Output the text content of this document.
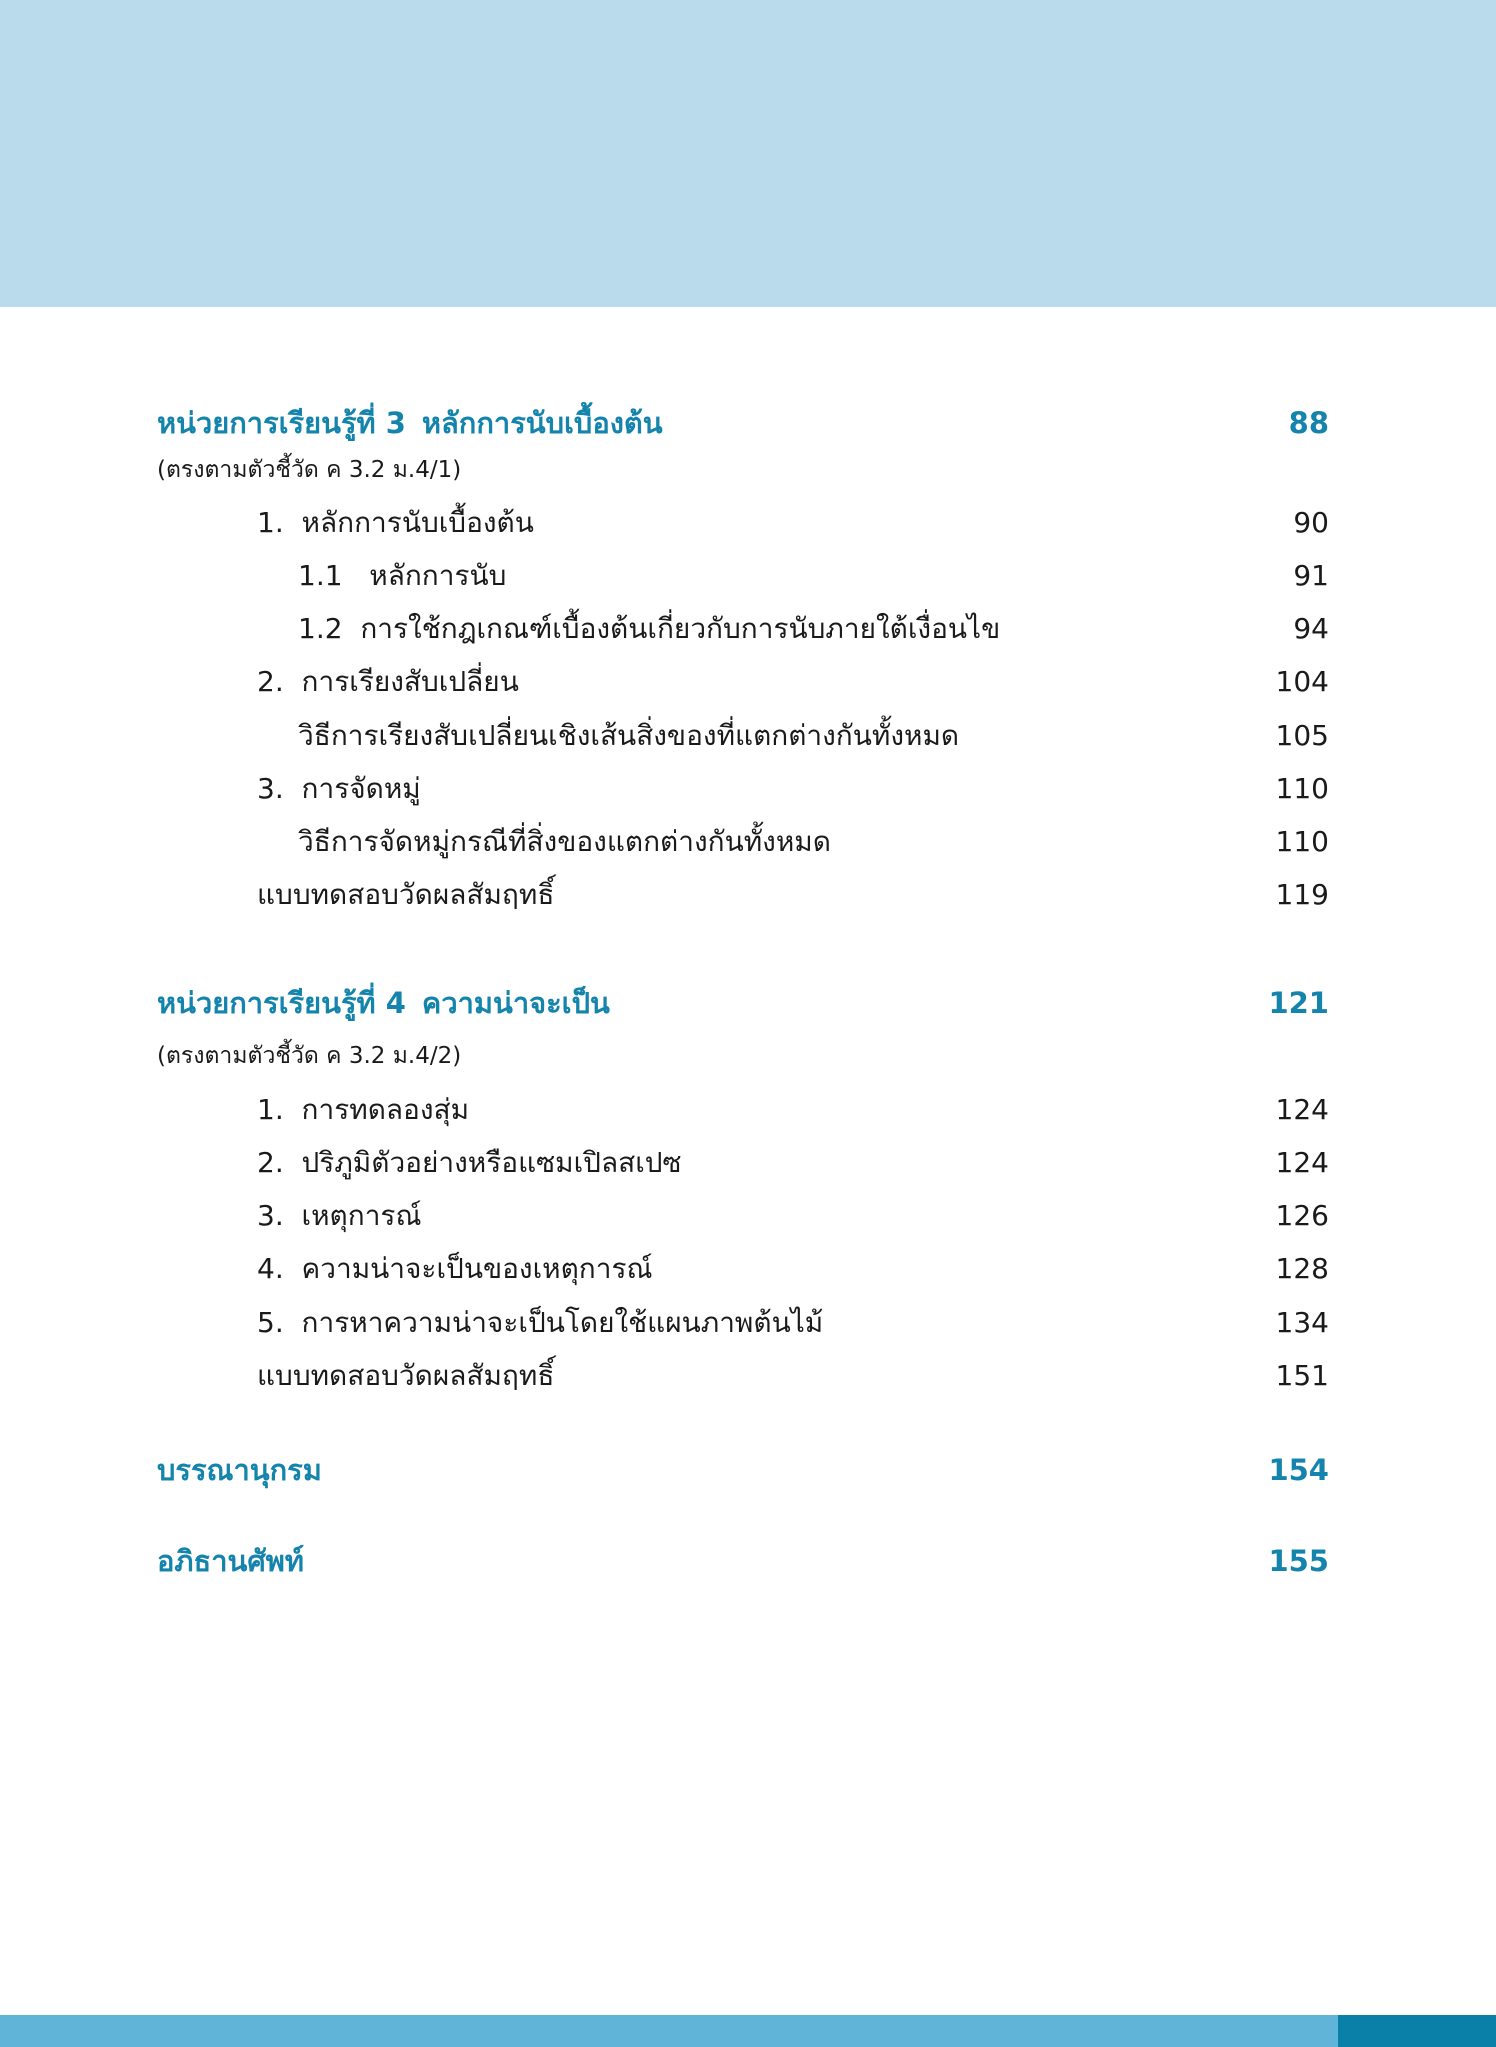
หน่วยการเรียนรู้ที่ 3 หลักการนับเบื้องต้น	88
(ตรงตามตัวชี้วัด ค 3.2 ม.4/1)
1. หลักการนับเบื้องต้น	90
1.1 หลักการนับ	91
1.2 การใช้กฎเกณฑ์เบื้องต้นเกี่ยวกับการนับภายใต้เงื่อนไข	94
2. การเรียงสับเปลี่ยน	104
วิธีการเรียงสับเปลี่ยนเชิงเส้นสิ่งของที่แตกต่างกันทั้งหมด	105
3. การจัดหมู่	110
วิธีการจัดหมู่กรณีที่สิ่งของแตกต่างกันทั้งหมด	110
แบบทดสอบวัดผลสัมฤทธิ์	119
หน่วยการเรียนรู้ที่ 4 ความน่าจะเป็น	121
(ตรงตามตัวชี้วัด ค 3.2 ม.4/2)
1. การทดลองสุ่ม	124
2. ปริภูมิตัวอย่างหรือแซมเปิลสเปซ	124
3. เหตุการณ์	126
4. ความน่าจะเป็นของเหตุการณ์	128
5. การหาความน่าจะเป็นโดยใช้แผนภาพต้นไม้	134
แบบทดสอบวัดผลสัมฤทธิ์	151
บรรณานุกรม	154
อภิธานศัพท์	155
